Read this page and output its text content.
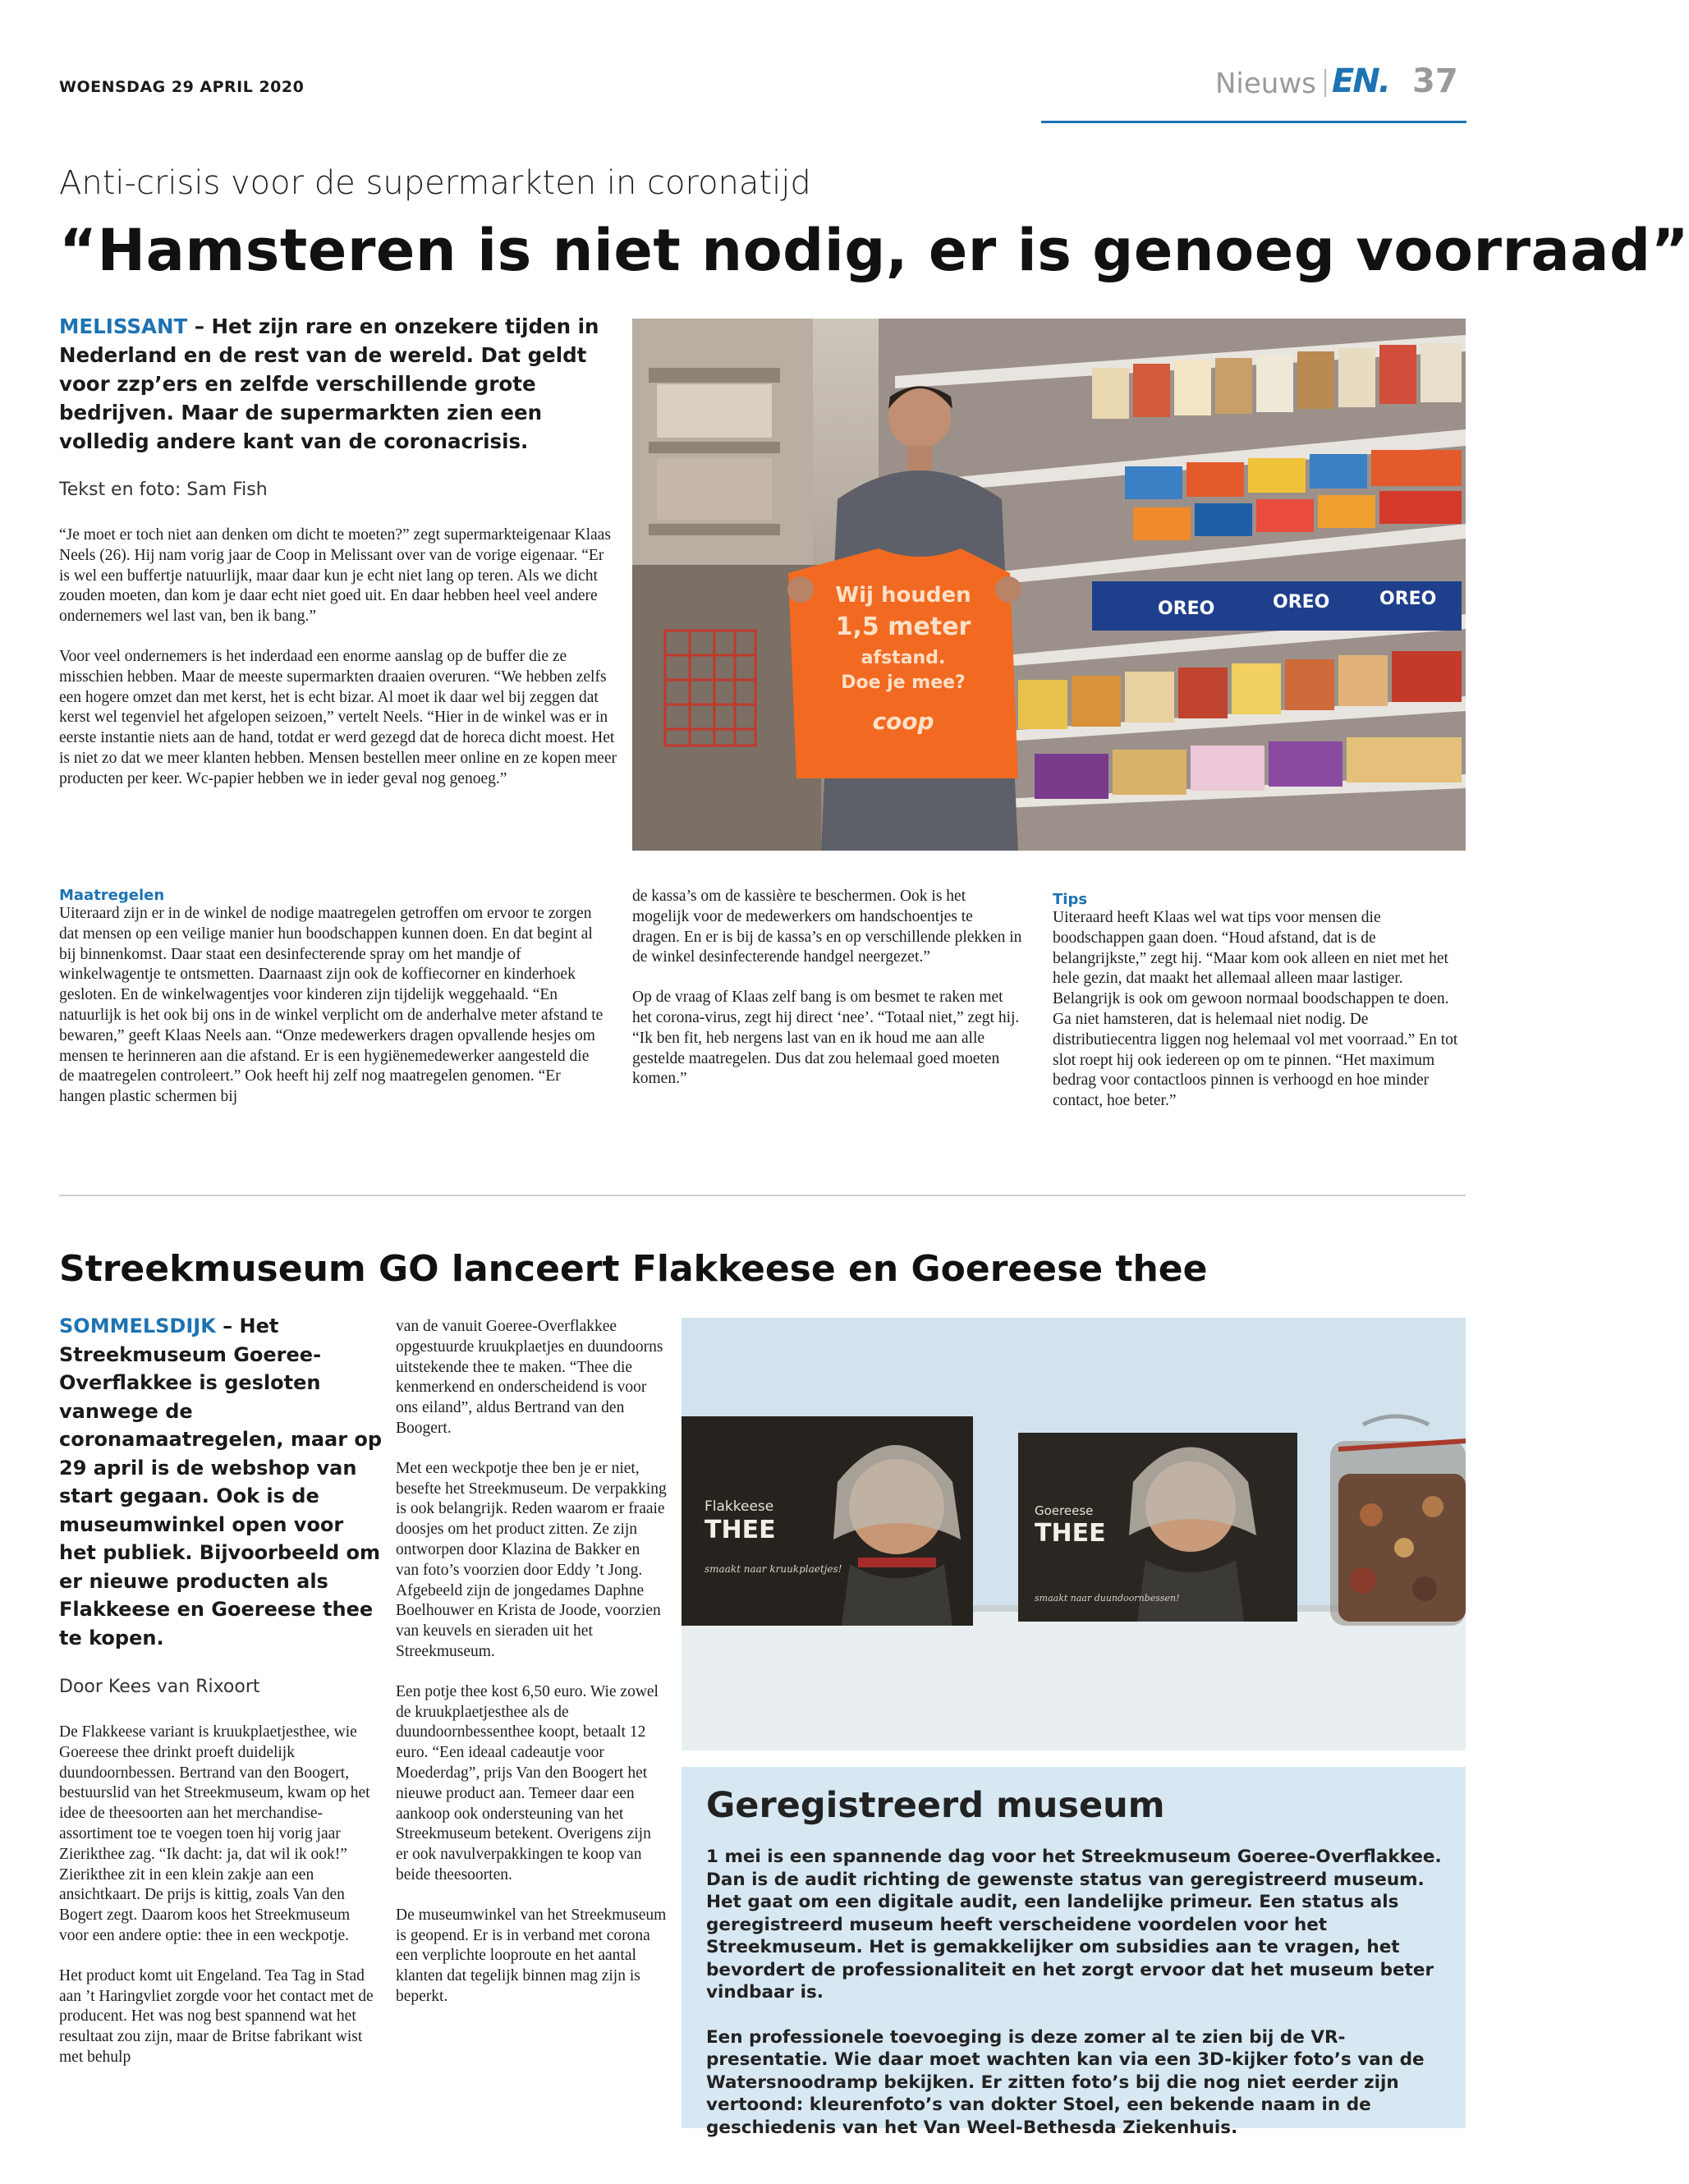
WOENSDAG 29 APRIL 2020	Nieuws EN. 37
Anti-crisis voor de supermarkten in coronatijd
“Hamsteren is niet nodig, er is genoeg voorraad”
MELISSANT – Het zijn rare en onzekere tijden in Nederland en de rest van de wereld. Dat geldt voor zzp’ers en zelfde verschillende grote bedrijven. Maar de supermarkten zien een volledig andere kant van de coronacrisis.
Tekst en foto: Sam Fish

“Je moet er toch niet aan denken om dicht te moeten?” zegt supermarkteigenaar Klaas Neels (26). Hij nam vorig jaar de Coop in Melissant over van de vorige eigenaar. “Er is wel een buffertje natuurlijk, maar daar kun je echt niet lang op teren. Als we dicht zouden moeten, dan kom je daar echt niet goed uit. En daar hebben heel veel andere ondernemers wel last van, ben ik bang.”

Voor veel ondernemers is het inderdaad een enorme aanslag op de buffer die ze misschien hebben. Maar de meeste supermarkten draaien overuren. “We hebben zelfs een hogere omzet dan met kerst, het is echt bizar. Al moet ik daar wel bij zeggen dat kerst wel tegenviel het afgelopen seizoen,” vertelt Neels. “Hier in de winkel was er in eerste instantie niets aan de hand, totdat er werd gezegd dat de horeca dicht moest. Het is niet zo dat we meer klanten hebben. Mensen bestellen meer online en ze kopen meer producten per keer. Wc-papier hebben we in ieder geval nog genoeg.”

OREO	OREO	OREO
Wij houden
1,5 meter
afstand.
Doe je mee?
coop
Maatregelen
Uiteraard zijn er in de winkel de nodige maatregelen getroffen om ervoor te zorgen dat mensen op een veilige manier hun boodschappen kunnen doen. En dat begint al bij binnenkomst. Daar staat een desinfecterende spray om het mandje of winkelwagentje te ontsmetten. Daarnaast zijn ook de koffiecorner en kinderhoek gesloten. En de winkelwagentjes voor kinderen zijn tijdelijk weggehaald. “En natuurlijk is het ook bij ons in de winkel verplicht om de anderhalve meter afstand te bewaren,” geeft Klaas Neels aan. “Onze medewerkers dragen opvallende hesjes om mensen te herinneren aan die afstand. Er is een hygiënemedewerker aangesteld die de maatregelen controleert.” Ook heeft hij zelf nog maatregelen genomen. “Er hangen plastic schermen bij

de kassa’s om de kassière te beschermen. Ook is het mogelijk voor de medewerkers om handschoentjes te dragen. En er is bij de kassa’s en op verschillende plekken in de winkel desinfecterende handgel neergezet.”

Op de vraag of Klaas zelf bang is om besmet te raken met het corona-virus, zegt hij direct ‘nee’. “Totaal niet,” zegt hij. “Ik ben fit, heb nergens last van en ik houd me aan alle gestelde maatregelen. Dus dat zou helemaal goed moeten komen.”

Tips
Uiteraard heeft Klaas wel wat tips voor mensen die boodschappen gaan doen. “Houd afstand, dat is de belangrijkste,” zegt hij. “Maar kom ook alleen en niet met het hele gezin, dat maakt het allemaal alleen maar lastiger. Belangrijk is ook om gewoon normaal boodschappen te doen. Ga niet hamsteren, dat is helemaal niet nodig. De distributiecentra liggen nog helemaal vol met voorraad.” En tot slot roept hij ook iedereen op om te pinnen. “Het maximum bedrag voor contactloos pinnen is verhoogd en hoe minder contact, hoe beter.”
Streekmuseum GO lanceert Flakkeese en Goereese thee
SOMMELSDIJK – Het Streekmuseum Goeree-Overflakkee is gesloten vanwege de coronamaatregelen, maar op 29 april is de webshop van start gegaan. Ook is de museumwinkel open voor het publiek. Bijvoorbeeld om er nieuwe producten als Flakkeese en Goereese thee te kopen.
Door Kees van Rixoort

De Flakkeese variant is kruukplaetjesthee, wie Goereese thee drinkt proeft duidelijk duundoornbessen. Bertrand van den Boogert, bestuurslid van het Streekmuseum, kwam op het idee de theesoorten aan het merchandise-assortiment toe te voegen toen hij vorig jaar Zierikthee zag. “Ik dacht: ja, dat wil ik ook!” Zierikthee zit in een klein zakje aan een ansichtkaart. De prijs is kittig, zoals Van den Bogert zegt. Daarom koos het Streekmuseum voor een andere optie: thee in een weckpotje.

Het product komt uit Engeland. Tea Tag in Stad aan ’t Haringvliet zorgde voor het contact met de producent. Het was nog best spannend wat het resultaat zou zijn, maar de Britse fabrikant wist met behulp

van de vanuit Goeree-Overflakkee opgestuurde kruukplaetjes en duundoorns uitstekende thee te maken. “Thee die kenmerkend en onderscheidend is voor ons eiland”, aldus Bertrand van den Boogert.

Met een weckpotje thee ben je er niet, besefte het Streekmuseum. De verpakking is ook belangrijk. Reden waarom er fraaie doosjes om het product zitten. Ze zijn ontworpen door Klazina de Bakker en van foto’s voorzien door Eddy ’t Jong. Afgebeeld zijn de jongedames Daphne Boelhouwer en Krista de Joode, voorzien van keuvels en sieraden uit het Streekmuseum.

Een potje thee kost 6,50 euro. Wie zowel de kruukplaetjesthee als de duundoornbessenthee koopt, betaalt 12 euro. “Een ideaal cadeautje voor Moederdag”, prijs Van den Boogert het nieuwe product aan. Temeer daar een aankoop ook ondersteuning van het Streekmuseum betekent. Overigens zijn er ook navulverpakkingen te koop van beide theesoorten.

De museumwinkel van het Streekmuseum is geopend. Er is in verband met corona een verplichte looproute en het aantal klanten dat tegelijk binnen mag zijn is beperkt.

Flakkeese
THEE
smaakt naar kruukplaetjes!
Goereese
THEE
smaakt naar duundoornbessen!
Geregistreerd museum

1 mei is een spannende dag voor het Streekmuseum Goeree-Overflakkee. Dan is de audit richting de gewenste status van geregistreerd museum. Het gaat om een digitale audit, een landelijke primeur. Een status als geregistreerd museum heeft verscheidene voordelen voor het Streekmuseum. Het is gemakkelijker om subsidies aan te vragen, het bevordert de professionaliteit en het zorgt ervoor dat het museum beter vindbaar is.

Een professionele toevoeging is deze zomer al te zien bij de VR-presentatie. Wie daar moet wachten kan via een 3D-kijker foto’s van de Watersnoodramp bekijken. Er zitten foto’s bij die nog niet eerder zijn vertoond: kleurenfoto’s van dokter Stoel, een bekende naam in de geschiedenis van het Van Weel-Bethesda Ziekenhuis.
